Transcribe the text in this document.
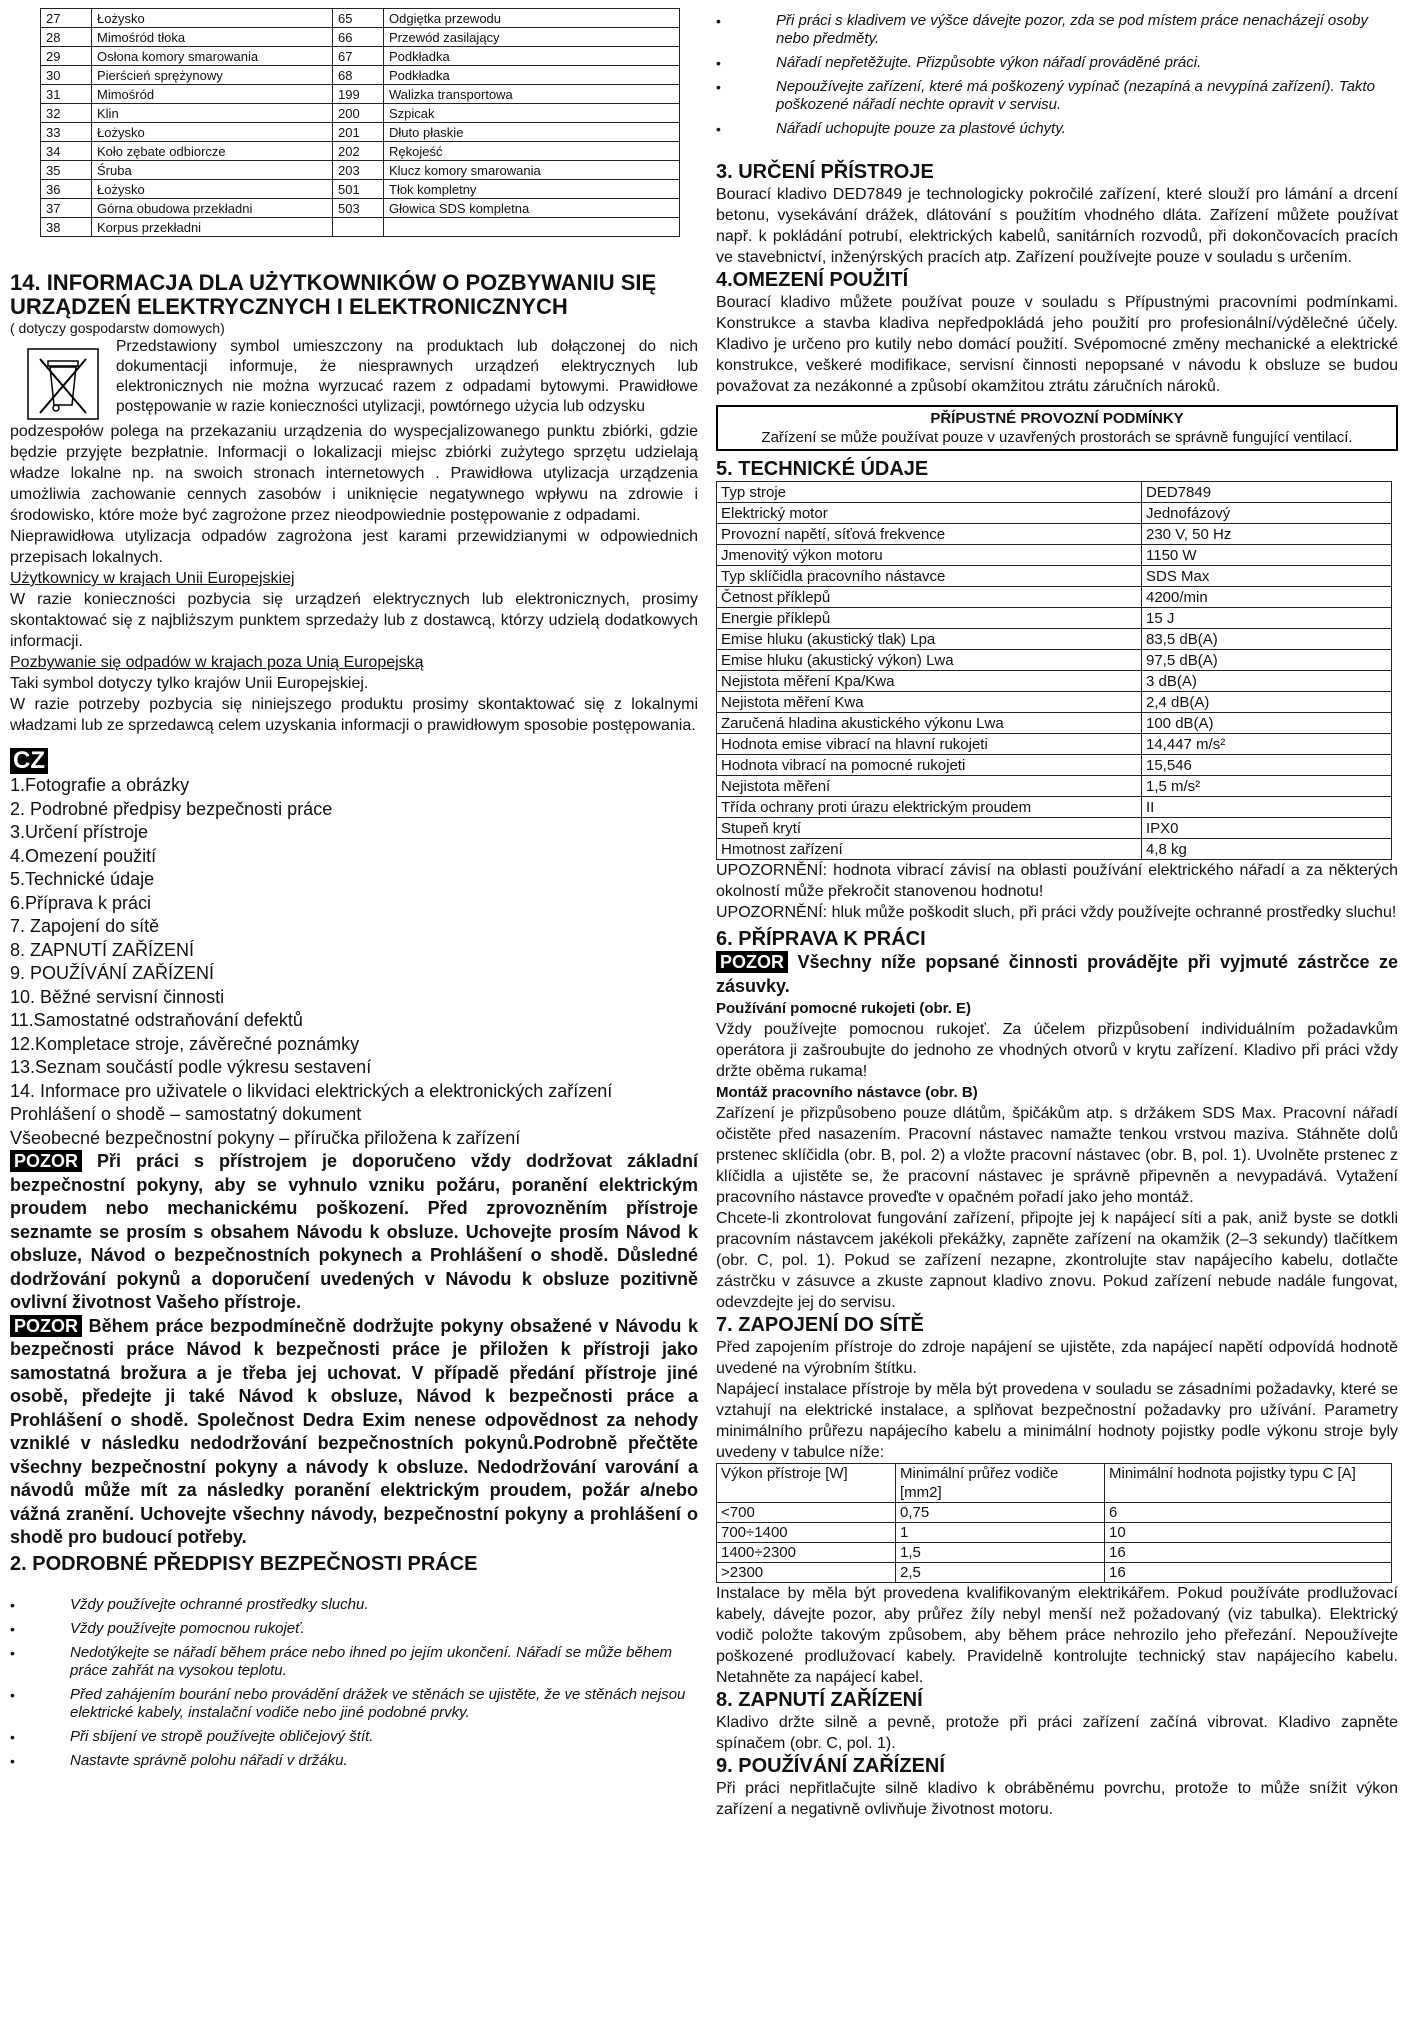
27	Łożysko	65	Odgiętka przewodu
28	Mimośród tłoka	66	Przewód zasilający
29	Osłona komory smarowania	67	Podkładka
30	Pierścień sprężynowy	68	Podkładka
31	Mimośród	199	Walizka transportowa
32	Klin	200	Szpicak
33	Łożysko	201	Dłuto płaskie
34	Koło zębate odbiorcze	202	Rękojeść
35	Śruba	203	Klucz komory smarowania
36	Łożysko	501	Tłok kompletny
37	Górna obudowa przekładni	503	Głowica SDS kompletna
38	Korpus przekładni		
14. INFORMACJA DLA UŻYTKOWNIKÓW O POZBYWANIU SIĘ URZĄDZEŃ ELEKTRYCZNYCH I ELEKTRONICZNYCH

( dotyczy gospodarstw domowych)

Przedstawiony symbol umieszczony na produktach lub dołączonej do nich dokumentacji informuje, że niesprawnych urządzeń elektrycznych lub elektronicznych nie można wyrzucać razem z odpadami bytowymi. Prawidłowe postępowanie w razie konieczności utylizacji, powtórnego użycia lub odzysku

podzespołów polega na przekazaniu urządzenia do wyspecjalizowanego punktu zbiórki, gdzie będzie przyjęte bezpłatnie. Informacji o lokalizacji miejsc zbiórki zużytego sprzętu udzielają władze lokalne np. na swoich stronach internetowych . Prawidłowa utylizacja urządzenia umożliwia zachowanie cennych zasobów i uniknięcie negatywnego wpływu na zdrowie i środowisko, które może być zagrożone przez nieodpowiednie postępowanie z odpadami.

Nieprawidłowa utylizacja odpadów zagrożona jest karami przewidzianymi w odpowiednich przepisach lokalnych.

Użytkownicy w krajach Unii Europejskiej

W razie konieczności pozbycia się urządzeń elektrycznych lub elektronicznych, prosimy skontaktować się z najbliższym punktem sprzedaży lub z dostawcą, którzy udzielą dodatkowych informacji.

Pozbywanie się odpadów w krajach poza Unią Europejską

Taki symbol dotyczy tylko krajów Unii Europejskiej.

W razie potrzeby pozbycia się niniejszego produktu prosimy skontaktować się z lokalnymi władzami lub ze sprzedawcą celem uzyskania informacji o prawidłowym sposobie postępowania.

CZ
1.Fotografie a obrázky
2. Podrobné předpisy bezpečnosti práce
3.Určení přístroje
4.Omezení použití
5.Technické údaje
6.Příprava k práci
7. Zapojení do sítě
8. ZAPNUTÍ ZAŘÍZENÍ
9. POUŽÍVÁNÍ ZAŘÍZENÍ
10. Běžné servisní činnosti
11.Samostatné odstraňování defektů
12.Kompletace stroje, závěrečné poznámky
13.Seznam součástí podle výkresu sestavení
14. Informace pro uživatele o likvidaci elektrických a elektronických zařízení
Prohlášení o shodě – samostatný dokument
Všeobecné bezpečnostní pokyny – příručka přiložena k zařízení

POZOR Při práci s přístrojem je doporučeno vždy dodržovat základní bezpečnostní pokyny, aby se vyhnulo vzniku požáru, poranění elektrickým proudem nebo mechanickému poškození. Před zprovozněním přístroje seznamte se prosím s obsahem Návodu k obsluze. Uchovejte prosím Návod k obsluze, Návod o bezpečnostních pokynech a Prohlášení o shodě. Důsledné dodržování pokynů a doporučení uvedených v Návodu k obsluze pozitivně ovlivní životnost Vašeho přístroje.

POZOR Během práce bezpodmínečně dodržujte pokyny obsažené v Návodu k bezpečnosti práce Návod k bezpečnosti práce je přiložen k přístroji jako samostatná brožura a je třeba jej uchovat. V případě předání přístroje jiné osobě, předejte ji také Návod k obsluze, Návod k bezpečnosti práce a Prohlášení o shodě. Společnost Dedra Exim nenese odpovědnost za nehody vzniklé v následku nedodržování bezpečnostních pokynů.Podrobně přečtěte všechny bezpečnostní pokyny a návody k obsluze. Nedodržování varování a návodů může mít za následky poranění elektrickým proudem, požár a/nebo vážná zranění. Uchovejte všechny návody, bezpečnostní pokyny a prohlášení o shodě pro budoucí potřeby.

2. PODROBNÉ PŘEDPISY BEZPEČNOSTI PRÁCE
• Vždy používejte ochranné prostředky sluchu.
• Vždy používejte pomocnou rukojeť.
• Nedotýkejte se nářadí během práce nebo ihned po jejím ukončení. Nářadí se může během práce zahřát na vysokou teplotu.
• Před zahájením bourání nebo provádění drážek ve stěnách se ujistěte, že ve stěnách nejsou elektrické kabely, instalační vodiče nebo jiné podobné prvky.
• Při sbíjení ve stropě používejte obličejový štít.
• Nastavte správně polohu nářadí v držáku.
• Při práci s kladivem ve výšce dávejte pozor, zda se pod místem práce nenacházejí osoby nebo předměty.
• Nářadí nepřetěžujte. Přizpůsobte výkon nářadí prováděné práci.
• Nepoužívejte zařízení, které má poškozený vypínač (nezapíná a nevypíná zařízení). Takto poškozené nářadí nechte opravit v servisu.
• Nářadí uchopujte pouze za plastové úchyty.
3. URČENÍ PŘÍSTROJE

Bourací kladivo DED7849 je technologicky pokročilé zařízení, které slouží pro lámání a drcení betonu, vysekávání drážek, dlátování s použitím vhodného dláta. Zařízení můžete používat např. k pokládání potrubí, elektrických kabelů, sanitárních rozvodů, při dokončovacích pracích ve stavebnictví, inženýrských pracích atp. Zařízení používejte pouze v souladu s určením.

4.OMEZENÍ POUŽITÍ

Bourací kladivo můžete používat pouze v souladu s Přípustnými pracovními podmínkami. Konstrukce a stavba kladiva nepředpokládá jeho použití pro profesionální/výdělečné účely. Kladivo je určeno pro kutily nebo domácí použití. Svépomocné změny mechanické a elektrické konstrukce, veškeré modifikace, servisní činnosti nepopsané v návodu k obsluze se budou považovat za nezákonné a způsobí okamžitou ztrátu záručních nároků.

PŘÍPUSTNÉ PROVOZNÍ PODMÍNKY
Zařízení se může používat pouze v uzavřených prostorách se správně fungující ventilací.
5. TECHNICKÉ ÚDAJE
Typ stroje	DED7849
Elektrický motor	Jednofázový
Provozní napětí, síťová frekvence	230 V, 50 Hz
Jmenovitý výkon motoru	1150 W
Typ sklíčidla pracovního nástavce	SDS Max
Četnost příklepů	4200/min
Energie příklepů	15 J
Emise hluku (akustický tlak) Lpa	83,5 dB(A)
Emise hluku (akustický výkon) Lwa	97,5 dB(A)
Nejistota měření Kpa/Kwa	3 dB(A)
Nejistota měření Kwa	2,4 dB(A)
Zaručená hladina akustického výkonu Lwa	100 dB(A)
Hodnota emise vibrací na hlavní rukojeti	14,447 m/s²
Hodnota vibrací na pomocné rukojeti	15,546
Nejistota měření	1,5 m/s²
Třída ochrany proti úrazu elektrickým proudem	II
Stupeň krytí	IPX0
Hmotnost zařízení	4,8 kg

UPOZORNĚNÍ: hodnota vibrací závisí na oblasti používání elektrického nářadí a za některých okolností může překročit stanovenou hodnotu!

UPOZORNĚNÍ: hluk může poškodit sluch, při práci vždy používejte ochranné prostředky sluchu!

6. PŘÍPRAVA K PRÁCI

POZOR Všechny níže popsané činnosti provádějte při vyjmuté zástrčce ze zásuvky.

Používání pomocné rukojeti (obr. E)

Vždy používejte pomocnou rukojeť. Za účelem přizpůsobení individuálním požadavkům operátora ji zašroubujte do jednoho ze vhodných otvorů v krytu zařízení. Kladivo při práci vždy držte oběma rukama!

Montáž pracovního nástavce (obr. B)

Zařízení je přizpůsobeno pouze dlátům, špičákům atp. s držákem SDS Max. Pracovní nářadí očistěte před nasazením. Pracovní nástavec namažte tenkou vrstvou maziva. Stáhněte dolů prstenec sklíčidla (obr. B, pol. 2) a vložte pracovní nástavec (obr. B, pol. 1). Uvolněte prstenec z klíčidla a ujistěte se, že pracovní nástavec je správně připevněn a nevypadává. Vytažení pracovního nástavce proveďte v opačném pořadí jako jeho montáž.

Chcete-li zkontrolovat fungování zařízení, připojte jej k napájecí síti a pak, aniž byste se dotkli pracovním nástavcem jakékoli překážky, zapněte zařízení na okamžik (2–3 sekundy) tlačítkem (obr. C, pol. 1). Pokud se zařízení nezapne, zkontrolujte stav napájecího kabelu, dotlačte zástrčku v zásuvce a zkuste zapnout kladivo znovu. Pokud zařízení nebude nadále fungovat, odevzdejte jej do servisu.

7. ZAPOJENÍ DO SÍTĚ

Před zapojením přístroje do zdroje napájení se ujistěte, zda napájecí napětí odpovídá hodnotě uvedené na výrobním štítku.

Napájecí instalace přístroje by měla být provedena v souladu se zásadními požadavky, které se vztahují na elektrické instalace, a splňovat bezpečnostní požadavky pro užívání. Parametry minimálního průřezu napájecího kabelu a minimální hodnoty pojistky podle výkonu stroje byly uvedeny v tabulce níže:

Výkon přístroje [W]	Minimální průřez vodiče [mm2]	Minimální hodnota pojistky typu C [A]
<700	0,75	6
700÷1400	1	10
1400÷2300	1,5	16
>2300	2,5	16

Instalace by měla být provedena kvalifikovaným elektrikářem. Pokud používáte prodlužovací kabely, dávejte pozor, aby průřez žíly nebyl menší než požadovaný (viz tabulka). Elektrický vodič položte takovým způsobem, aby během práce nehrozilo jeho přeřezání. Nepoužívejte poškozené prodlužovací kabely. Pravidelně kontrolujte technický stav napájecího kabelu. Netahněte za napájecí kabel.

8. ZAPNUTÍ ZAŘÍZENÍ

Kladivo držte silně a pevně, protože při práci zařízení začíná vibrovat. Kladivo zapněte spínačem (obr. C, pol. 1).

9. POUŽÍVÁNÍ ZAŘÍZENÍ

Při práci nepřitlačujte silně kladivo k obráběnému povrchu, protože to může snížit výkon zařízení a negativně ovlivňuje životnost motoru.
